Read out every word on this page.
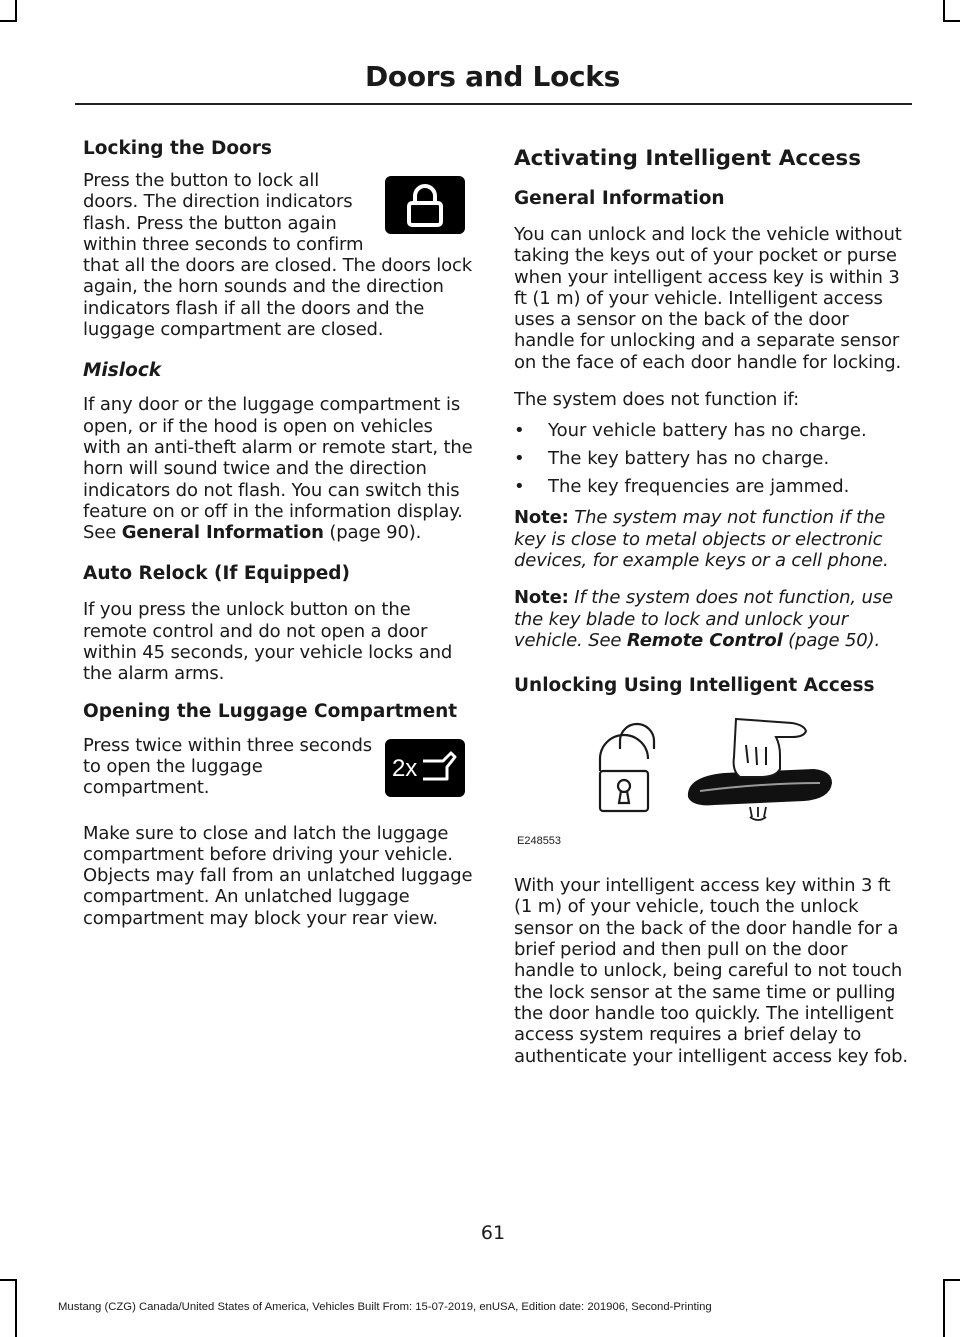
Doors and Locks
Locking the Doors

Press the button to lock all doors. The direction indicators flash. Press the button again within three seconds to confirm that all the doors are closed. The doors lock again, the horn sounds and the direction indicators flash if all the doors and the luggage compartment are closed.

Mislock

If any door or the luggage compartment is open, or if the hood is open on vehicles with an anti-theft alarm or remote start, the horn will sound twice and the direction indicators do not flash. You can switch this feature on or off in the information display. See General Information (page 90).

Auto Relock (If Equipped)

If you press the unlock button on the remote control and do not open a door within 45 seconds, your vehicle locks and the alarm arms.

Opening the Luggage Compartment

2x
Press twice within three seconds to open the luggage compartment.

Make sure to close and latch the luggage compartment before driving your vehicle. Objects may fall from an unlatched luggage compartment. An unlatched luggage compartment may block your rear view.

Activating Intelligent Access
General Information

You can unlock and lock the vehicle without taking the keys out of your pocket or purse when your intelligent access key is within 3 ft (1 m) of your vehicle. Intelligent access uses a sensor on the back of the door handle for unlocking and a separate sensor on the face of each door handle for locking.

The system does not function if:

• Your vehicle battery has no charge.
• The key battery has no charge.
• The key frequencies are jammed.

Note: The system may not function if the key is close to metal objects or electronic devices, for example keys or a cell phone.

Note: If the system does not function, use the key blade to lock and unlock your vehicle. See Remote Control (page 50).

Unlocking Using Intelligent Access
E248553

With your intelligent access key within 3 ft (1 m) of your vehicle, touch the unlock sensor on the back of the door handle for a brief period and then pull on the door handle to unlock, being careful to not touch the lock sensor at the same time or pulling the door handle too quickly. The intelligent access system requires a brief delay to authenticate your intelligent access key fob.

61
Mustang (CZG) Canada/United States of America, Vehicles Built From: 15-07-2019, enUSA, Edition date: 201906, Second-Printing
